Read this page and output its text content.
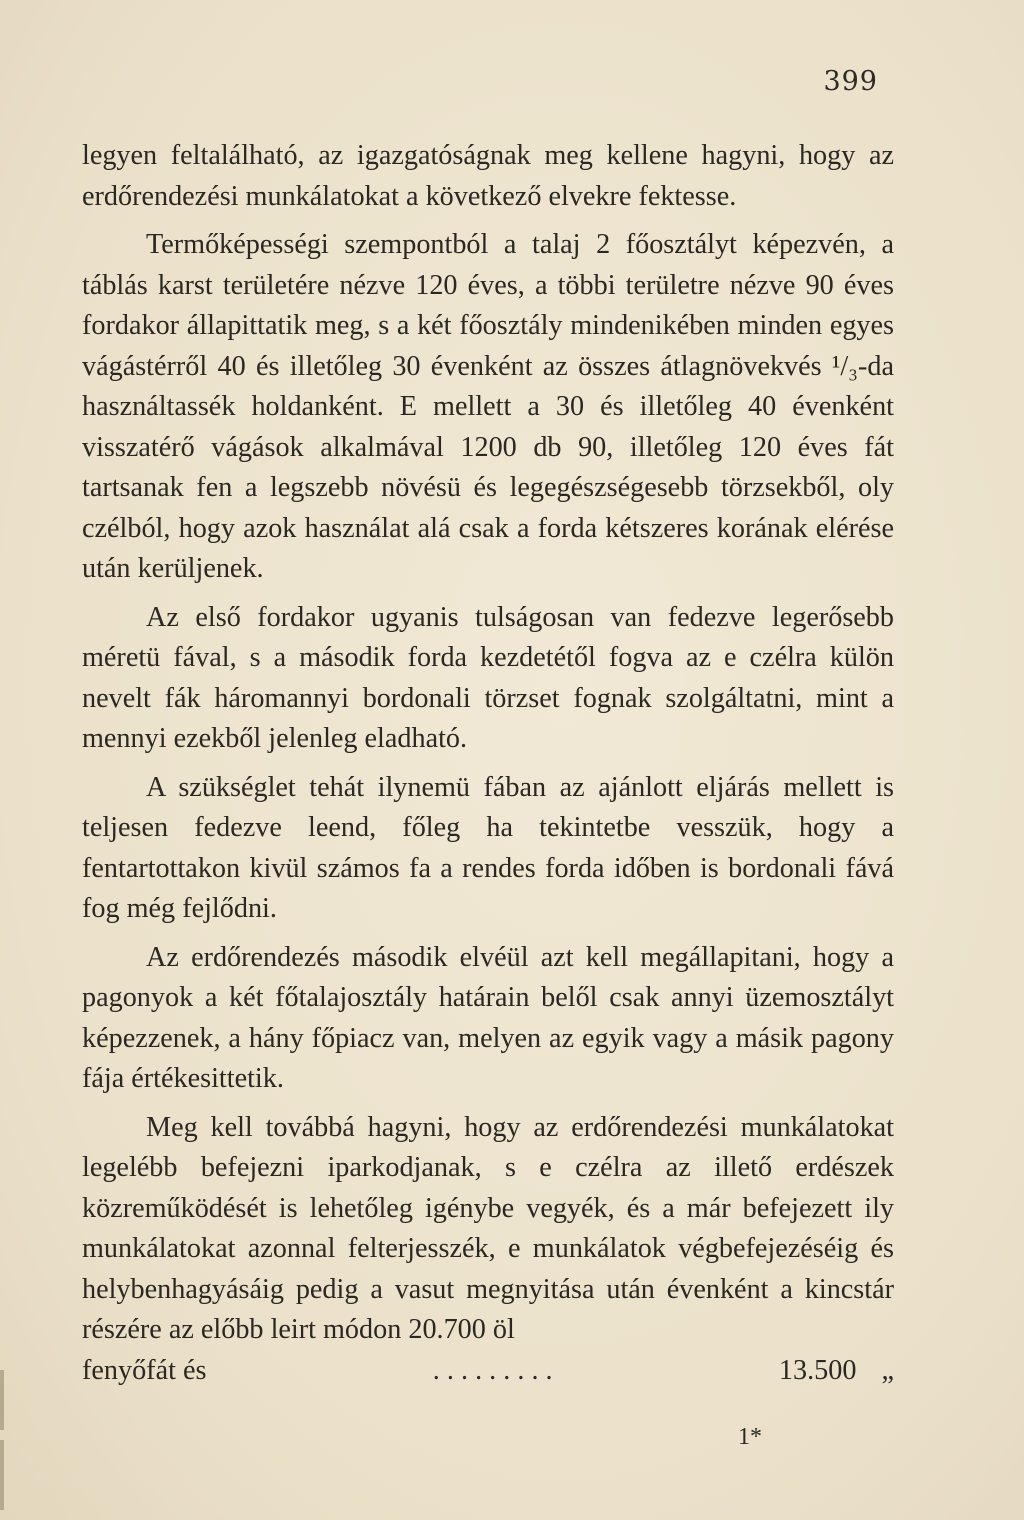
399

legyen feltalálható, az igazgatóságnak meg kellene hagyni, hogy az erdőrendezési munkálatokat a következő elvekre fektesse.

Termőképességi szempontból a talaj 2 főosztályt képezvén, a táblás karst területére nézve 120 éves, a többi területre nézve 90 éves fordakor állapittatik meg, s a két főosztály mindenikében minden egyes vágástérről 40 és illetőleg 30 évenként az összes átlagnövekvés ¹/₃-da használtassék holdanként. E mellett a 30 és illetőleg 40 évenként visszatérő vágások alkalmával 1200 db 90, illetőleg 120 éves fát tartsanak fen a legszebb növésü és legegészségesebb törzsekből, oly czélból, hogy azok használat alá csak a forda kétszeres korának elérése után kerüljenek.

Az első fordakor ugyanis tulságosan van fedezve legerősebb méretü fával, s a második forda kezdetétől fogva az e czélra külön nevelt fák háromannyi bordonali törzset fognak szolgáltatni, mint a mennyi ezekből jelenleg eladható.

A szükséglet tehát ilynemü fában az ajánlott eljárás mellett is teljesen fedezve leend, főleg ha tekintetbe vesszük, hogy a fentartottakon kivül számos fa a rendes forda időben is bordonali fává fog még fejlődni.

Az erdőrendezés második elvéül azt kell megállapitani, hogy a pagonyok a két főtalajosztály határain belől csak annyi üzemosztályt képezzenek, a hány főpiacz van, melyen az egyik vagy a másik pagony fája értékesittetik.

Meg kell továbbá hagyni, hogy az erdőrendezési munkálatokat legelébb befejezni iparkodjanak, s e czélra az illető erdészek közreműködését is lehetőleg igénybe vegyék, és a már befejezett ily munkálatokat azonnal felterjesszék, e munkálatok végbefejezéséig és helybenhagyásáig pedig a vasut megnyitása után évenként a kincstár részére az előbb leirt módon 20.700 öl

fenyőfát és	. . . . . . . . .	13.500 „
1*
